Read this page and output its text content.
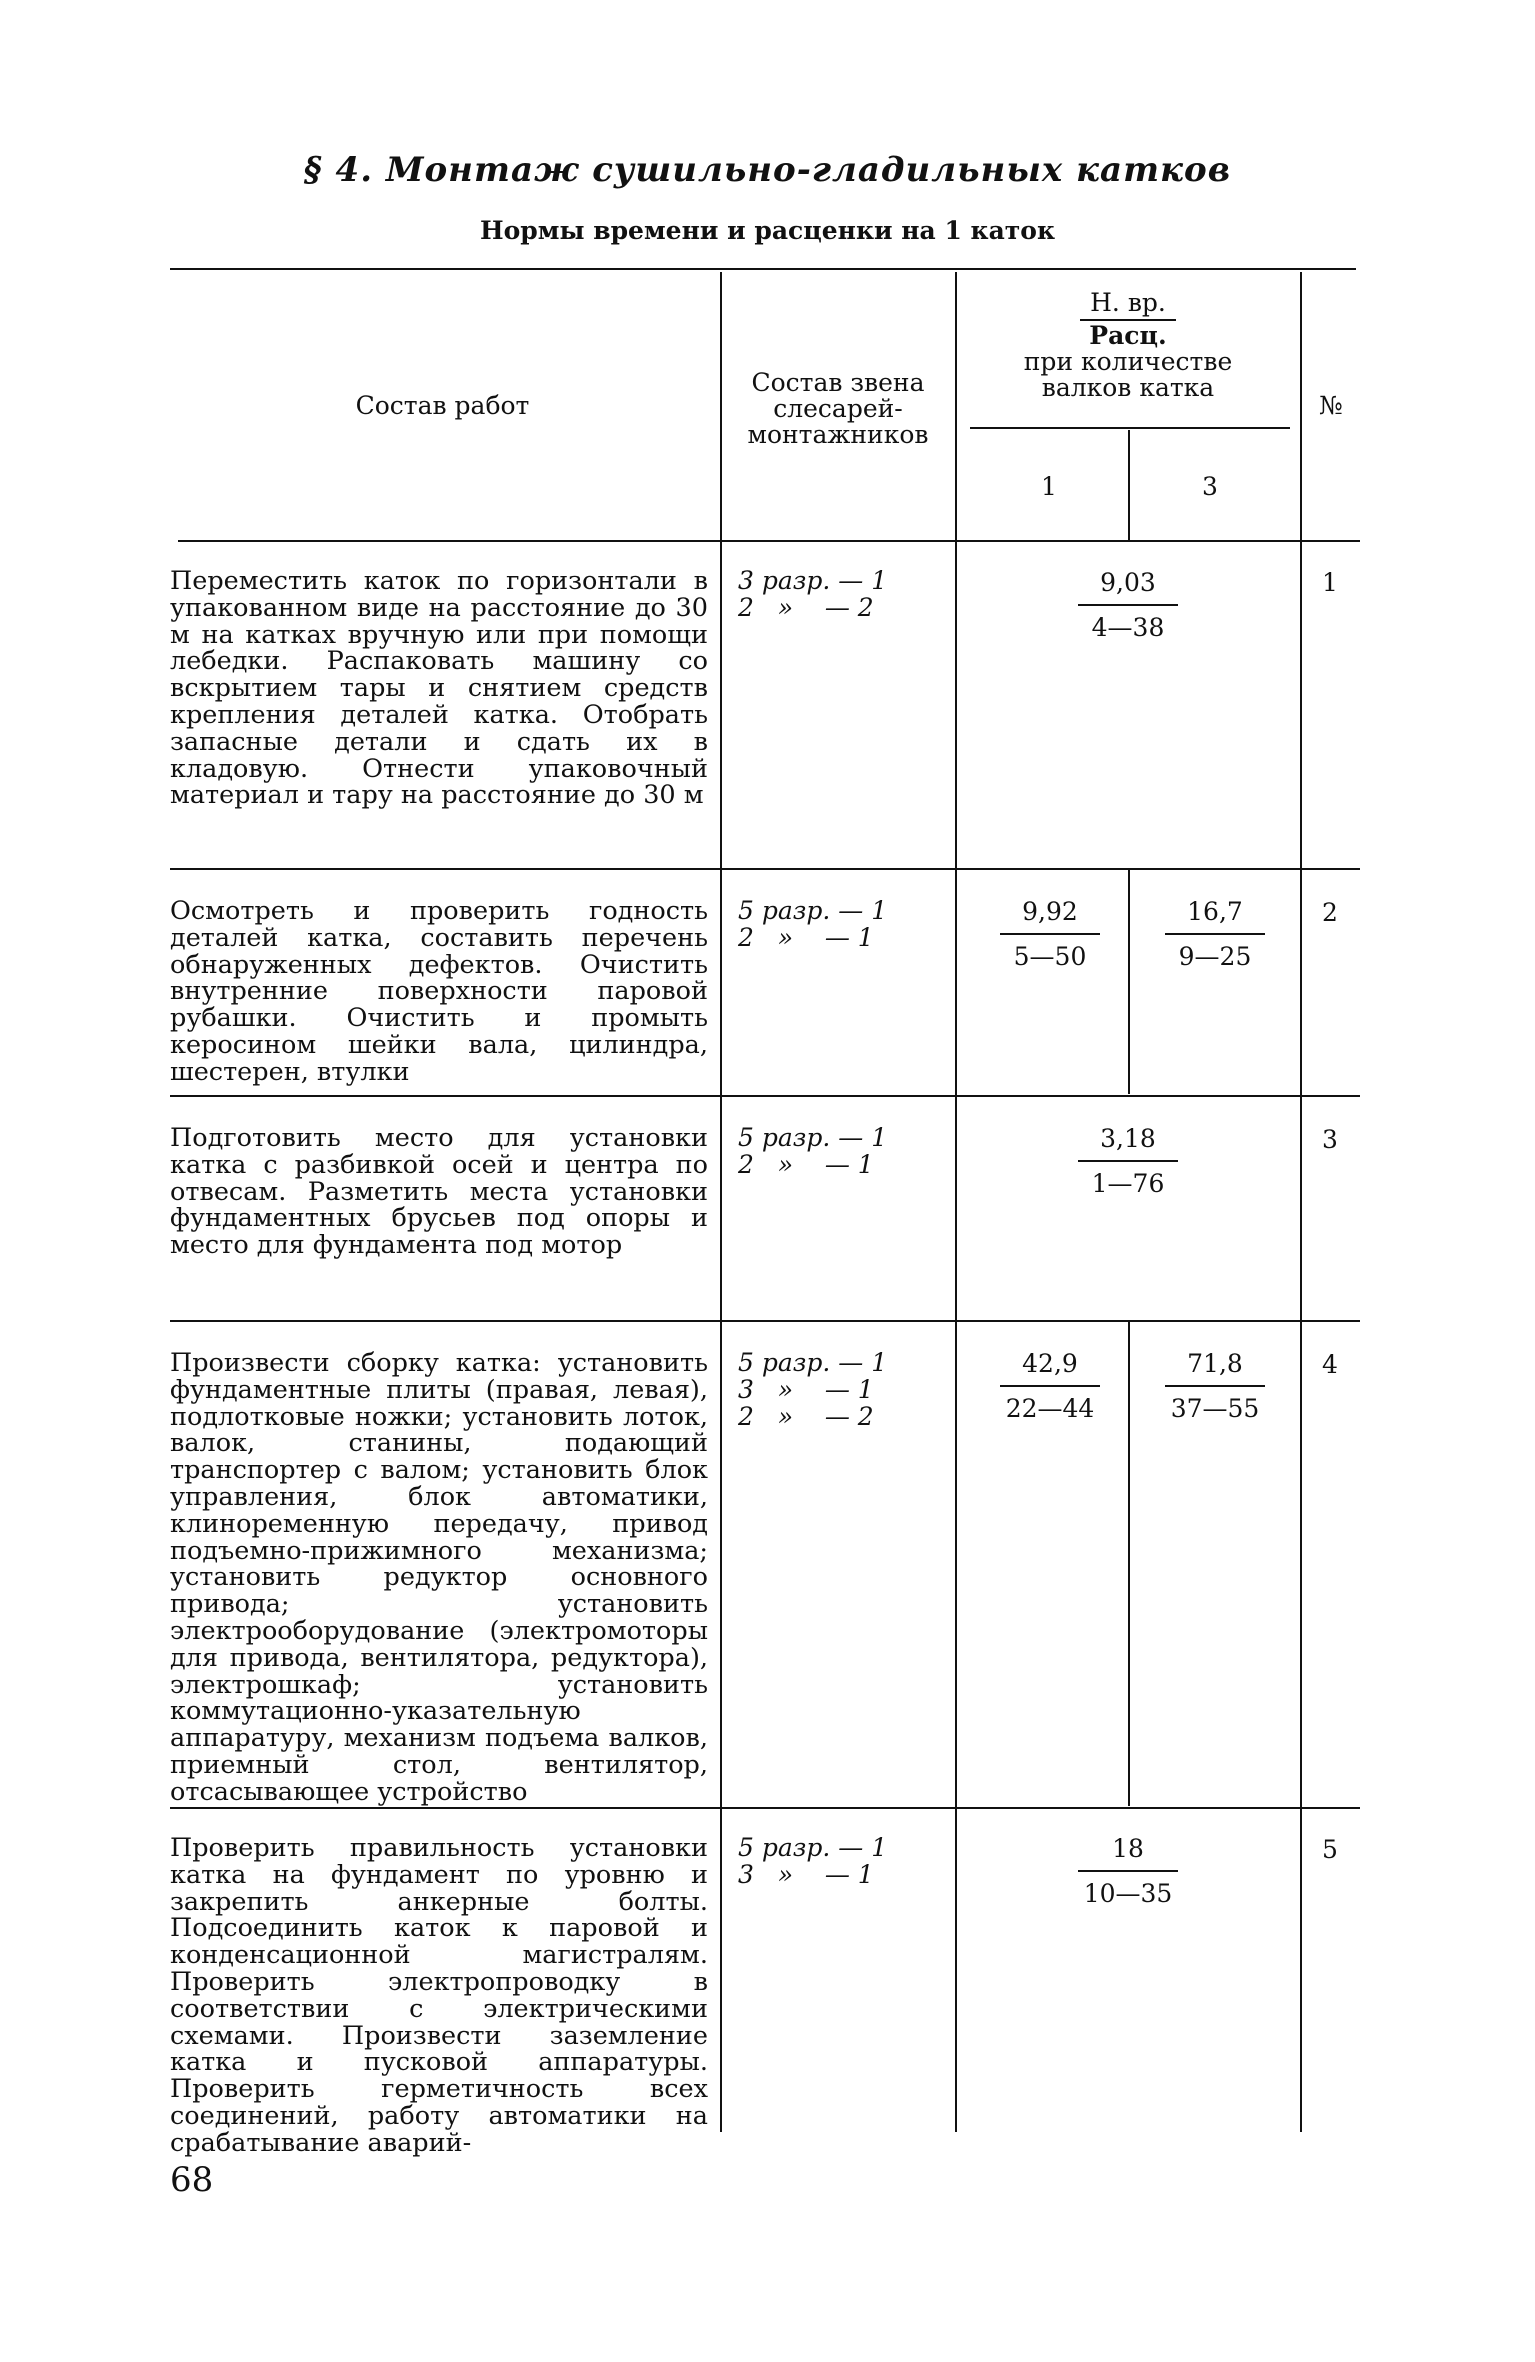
§ 4. Монтаж сушильно-гладильных катков
Нормы времени и расценки на 1 каток
Состав работ
Состав звена
слесарей-
монтажников
Н. вр.
Расц.
при количестве
валков катка
1	3
№
Переместить каток по горизонтали в упакованном виде на расстояние до 30 м на катках вручную или при помощи лебедки. Распаковать машину со вскрытием тары и снятием средств крепления деталей катка. Отобрать запасные детали и сдать их в кладовую. Отнести упаковочный материал и тару на расстояние до 30 м
3 разр. — 1
2   »    — 2
9,03
4—38
1
Осмотреть и проверить годность деталей катка, составить перечень обнаруженных дефектов. Очистить внутренние поверхности паровой рубашки. Очистить и промыть керосином шейки вала, цилиндра, шестерен, втулки
5 разр. — 1
2   »    — 1
9,92
5—50
16,7
9—25
2
Подготовить место для установки катка с разбивкой осей и центра по отвесам. Разметить места установки фундаментных брусьев под опоры и место для фундамента под мотор
5 разр. — 1
2   »    — 1
3,18
1—76
3
Произвести сборку катка: установить фундаментные плиты (правая, левая), подлотковые ножки; установить лоток, валок, станины, подающий транспортер с валом; установить блок управления, блок автоматики, клиноременную передачу, привод подъемно-прижимного механизма; установить редуктор основного привода; установить электрооборудование (электромоторы для привода, вентилятора, редуктора), электрошкаф; установить коммутационно-указательную аппаратуру, механизм подъема валков, приемный стол, вентилятор, отсасывающее устройство
5 разр. — 1
3   »    — 1
2   »    — 2
42,9
22—44
71,8
37—55
4
Проверить правильность установки катка на фундамент по уровню и закрепить анкерные болты. Подсоединить каток к паровой и конденсационной магистралям. Проверить электропроводку в соответствии с электрическими схемами. Произвести заземление катка и пусковой аппаратуры. Проверить герметичность всех соединений, работу автоматики на срабатывание аварий-
5 разр. — 1
3   »    — 1
18
10—35
5
68
